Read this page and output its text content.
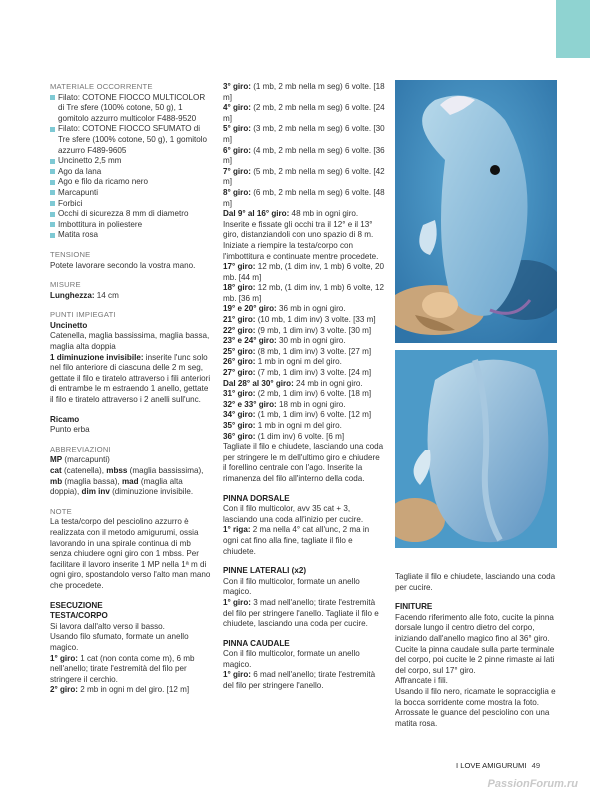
MATERIALE OCCORRENTE

Filato: COTONE FIOCCO MULTICOLOR di Tre sfere (100% cotone, 50 g), 1 gomitolo azzurro multicolor F488-9520

Filato: COTONE FIOCCO SFUMATO di Tre sfere (100% cotone, 50 g), 1 gomitolo azzurro F489-9605

Uncinetto 2,5 mm

Ago da lana

Ago e filo da ricamo nero

Marcapunti

Forbici

Occhi di sicurezza 8 mm di diametro

Imbottitura in poliestere

Matita rosa

TENSIONE

Potete lavorare secondo la vostra mano.

MISURE

Lunghezza: 14 cm

PUNTI IMPIEGATI

Uncinetto

Catenella, maglia bassissima, maglia bassa, maglia alta doppia

1 diminuzione invisibile: inserite l'unc solo nel filo anteriore di ciascuna delle 2 m seg, gettate il filo e tiratelo attraverso i fili anteriori di entrambe le m estraendo 1 anello, gettate il filo e tiratelo attraverso i 2 anelli sull'unc.

Ricamo

Punto erba

ABBREVIAZIONI

MP (marcapunti)

cat (catenella), mbss (maglia bassissima), mb (maglia bassa), mad (maglia alta doppia), dim inv (diminuzione invisibile.

NOTE

La testa/corpo del pesciolino azzurro è realizzata con il metodo amigurumi, ossia lavorando in una spirale continua di mb senza chiudere ogni giro con 1 mbss. Per facilitare il lavoro inserite 1 MP nella 1ª m di ogni giro, spostandolo verso l'alto man mano che procedete.

ESECUZIONE

TESTA/CORPO

Si lavora dall'alto verso il basso.

Usando filo sfumato, formate un anello magico.

1° giro: 1 cat (non conta come m), 6 mb nell'anello; tirate l'estremità del filo per stringere il cerchio.

2° giro: 2 mb in ogni m del giro. [12 m]

3° giro: (1 mb, 2 mb nella m seg) 6 volte. [18 m]

4° giro: (2 mb, 2 mb nella m seg) 6 volte. [24 m]

5° giro: (3 mb, 2 mb nella m seg) 6 volte. [30 m]

6° giro: (4 mb, 2 mb nella m seg) 6 volte. [36 m]

7° giro: (5 mb, 2 mb nella m seg) 6 volte. [42 m]

8° giro: (6 mb, 2 mb nella m seg) 6 volte. [48 m]

Dal 9° al 16° giro: 48 mb in ogni giro.

Inserite e fissate gli occhi tra il 12° e il 13° giro, distanziandoli con uno spazio di 8 m. Iniziate a riempire la testa/corpo con l'imbottitura e continuate mentre procedete.

17° giro: 12 mb, (1 dim inv, 1 mb) 6 volte, 20 mb. [44 m]

18° giro: 12 mb, (1 dim inv, 1 mb) 6 volte, 12 mb. [36 m]

19° e 20° giro: 36 mb in ogni giro.

21° giro: (10 mb, 1 dim inv) 3 volte. [33 m]

22° giro: (9 mb, 1 dim inv) 3 volte. [30 m]

23° e 24° giro: 30 mb in ogni giro.

25° giro: (8 mb, 1 dim inv) 3 volte. [27 m]

26° giro: 1 mb in ogni m del giro.

27° giro: (7 mb, 1 dim inv) 3 volte. [24 m]

Dal 28° al 30° giro: 24 mb in ogni giro.

31° giro: (2 mb, 1 dim inv) 6 volte. [18 m]

32° e 33° giro: 18 mb in ogni giro.

34° giro: (1 mb, 1 dim inv) 6 volte. [12 m]

35° giro: 1 mb in ogni m del giro.

36° giro: (1 dim inv) 6 volte. [6 m]

Tagliate il filo e chiudete, lasciando una coda per stringere le m dell'ultimo giro e chiudere il forellino centrale con l'ago. Inserite la rimanenza del filo all'interno della coda.

PINNA DORSALE

Con il filo multicolor, avv 35 cat + 3, lasciando una coda all'inizio per cucire.

1° riga: 2 ma nella 4° cat all'unc, 2 ma in ogni cat fino alla fine, tagliate il filo e chiudete.

PINNE LATERALI (x2)

Con il filo multicolor, formate un anello magico.

1° giro: 3 mad nell'anello; tirate l'estremità del filo per stringere l'anello. Tagliate il filo e chiudete, lasciando una coda per cucire.

PINNA CAUDALE

Con il filo multicolor, formate un anello magico.

1° giro: 6 mad nell'anello; tirate l'estremità del filo per stringere l'anello.

Tagliate il filo e chiudete, lasciando una coda per cucire.

FINITURE

Facendo riferimento alle foto, cucite la pinna dorsale lungo il centro dietro del corpo, iniziando dall'anello magico fino al 36° giro.

Cucite la pinna caudale sulla parte terminale del corpo, poi cucite le 2 pinne rimaste ai lati del corpo, sul 17° giro.

Affrancate i fili.

Usando il filo nero, ricamate le sopracciglia e la bocca sorridente come mostra la foto. Arrossate le guance del pesciolino con una matita rosa.

I LOVE AMIGURUMI 49
PassionForum.ru
